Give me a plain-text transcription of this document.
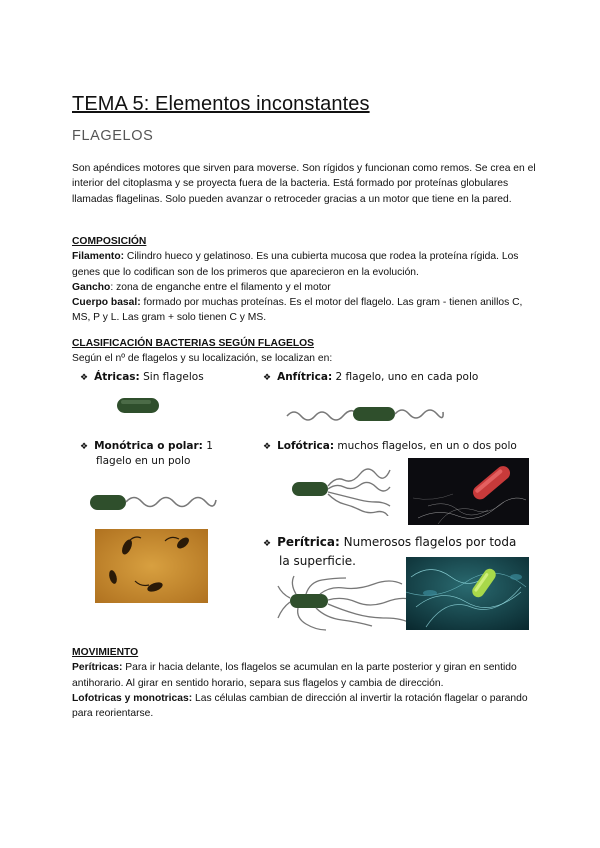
TEMA 5: Elementos inconstantes
FLAGELOS
Son apéndices motores que sirven para moverse. Son rígidos y funcionan como remos. Se crea en el interior del citoplasma y se proyecta fuera de la bacteria. Está formado por proteínas globulares llamadas flagelinas. Solo pueden avanzar o retroceder gracias a un motor que tiene en la pared.
COMPOSICIÓN
Filamento: Cilindro hueco y gelatinoso. Es una cubierta mucosa que rodea la proteína rígida. Los genes que lo codifican son de los primeros que aparecieron en la evolución.
Gancho: zona de enganche entre el filamento y el motor
Cuerpo basal: formado por muchas proteínas. Es el motor del flagelo. Las gram - tienen anillos C, MS, P y L. Las gram + solo tienen C y MS.
CLASIFICACIÓN BACTERIAS SEGÚN FLAGELOS
Según el nº de flagelos y su localización, se localizan en:
❖ Átricas: Sin flagelos	❖ Anfítrica: 2 flagelo, uno en cada polo
❖ Monótrica o polar: 1
flagelo en un polo
❖ Lofótrica: muchos flagelos, en un o dos polo
❖ Perítrica: Numerosos flagelos por toda
la superficie.
MOVIMIENTO
Perítricas: Para ir hacia delante, los flagelos se acumulan en la parte posterior y giran en sentido antihorario. Al girar en sentido horario, separa sus flagelos y cambia de dirección.
Lofotricas y monotricas: Las células cambian de dirección al invertir la rotación flagelar o parando para reorientarse.
